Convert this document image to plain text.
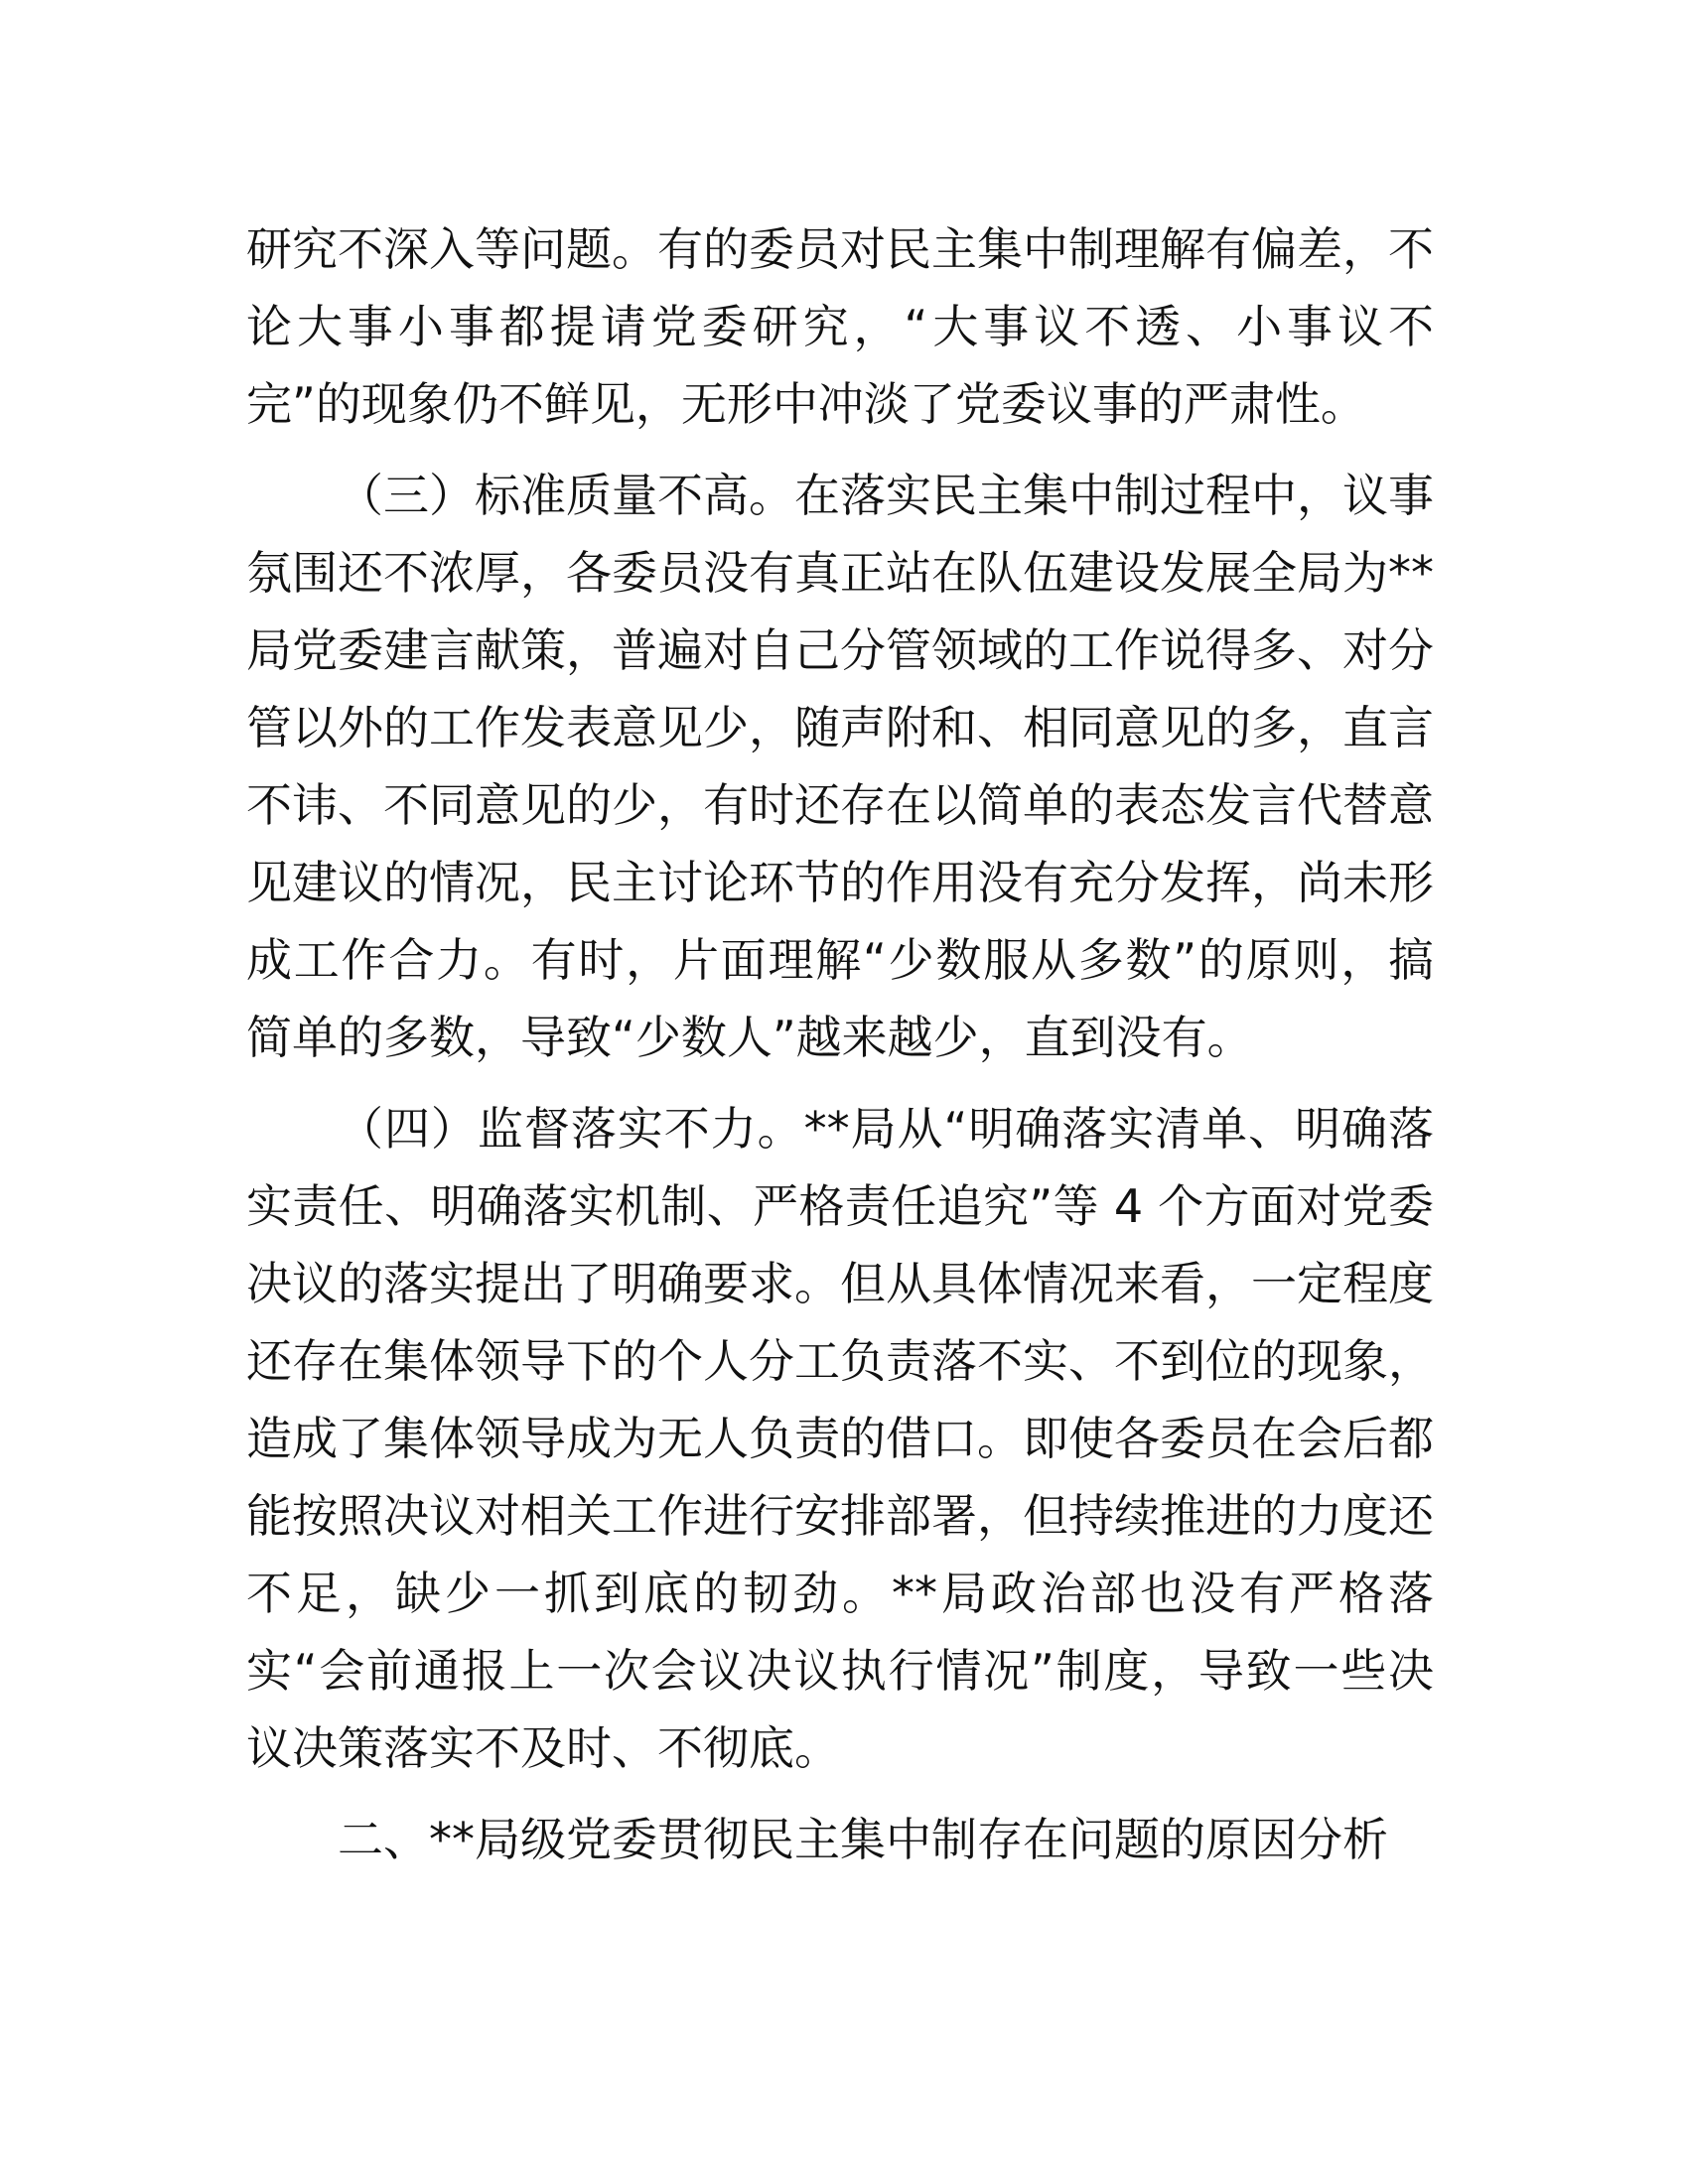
研究不深入等问题。有的委员对民主集中制理解有偏差，不论大事小事都提请党委研究，“大事议不透、小事议不完”的现象仍不鲜见，无形中冲淡了党委议事的严肃性。

（三）标准质量不高。在落实民主集中制过程中，议事氛围还不浓厚，各委员没有真正站在队伍建设发展全局为**局党委建言献策，普遍对自己分管领域的工作说得多、对分管以外的工作发表意见少，随声附和、相同意见的多，直言不讳、不同意见的少，有时还存在以简单的表态发言代替意见建议的情况，民主讨论环节的作用没有充分发挥，尚未形成工作合力。有时，片面理解“少数服从多数”的原则，搞简单的多数，导致“少数人”越来越少，直到没有。

（四）监督落实不力。**局从“明确落实清单、明确落实责任、明确落实机制、严格责任追究”等 4 个方面对党委决议的落实提出了明确要求。但从具体情况来看，一定程度还存在集体领导下的个人分工负责落不实、不到位的现象，造成了集体领导成为无人负责的借口。即使各委员在会后都能按照决议对相关工作进行安排部署，但持续推进的力度还不足，缺少一抓到底的韧劲。**局政治部也没有严格落实“会前通报上一次会议决议执行情况”制度，导致一些决议决策落实不及时、不彻底。

二、**局级党委贯彻民主集中制存在问题的原因分析
